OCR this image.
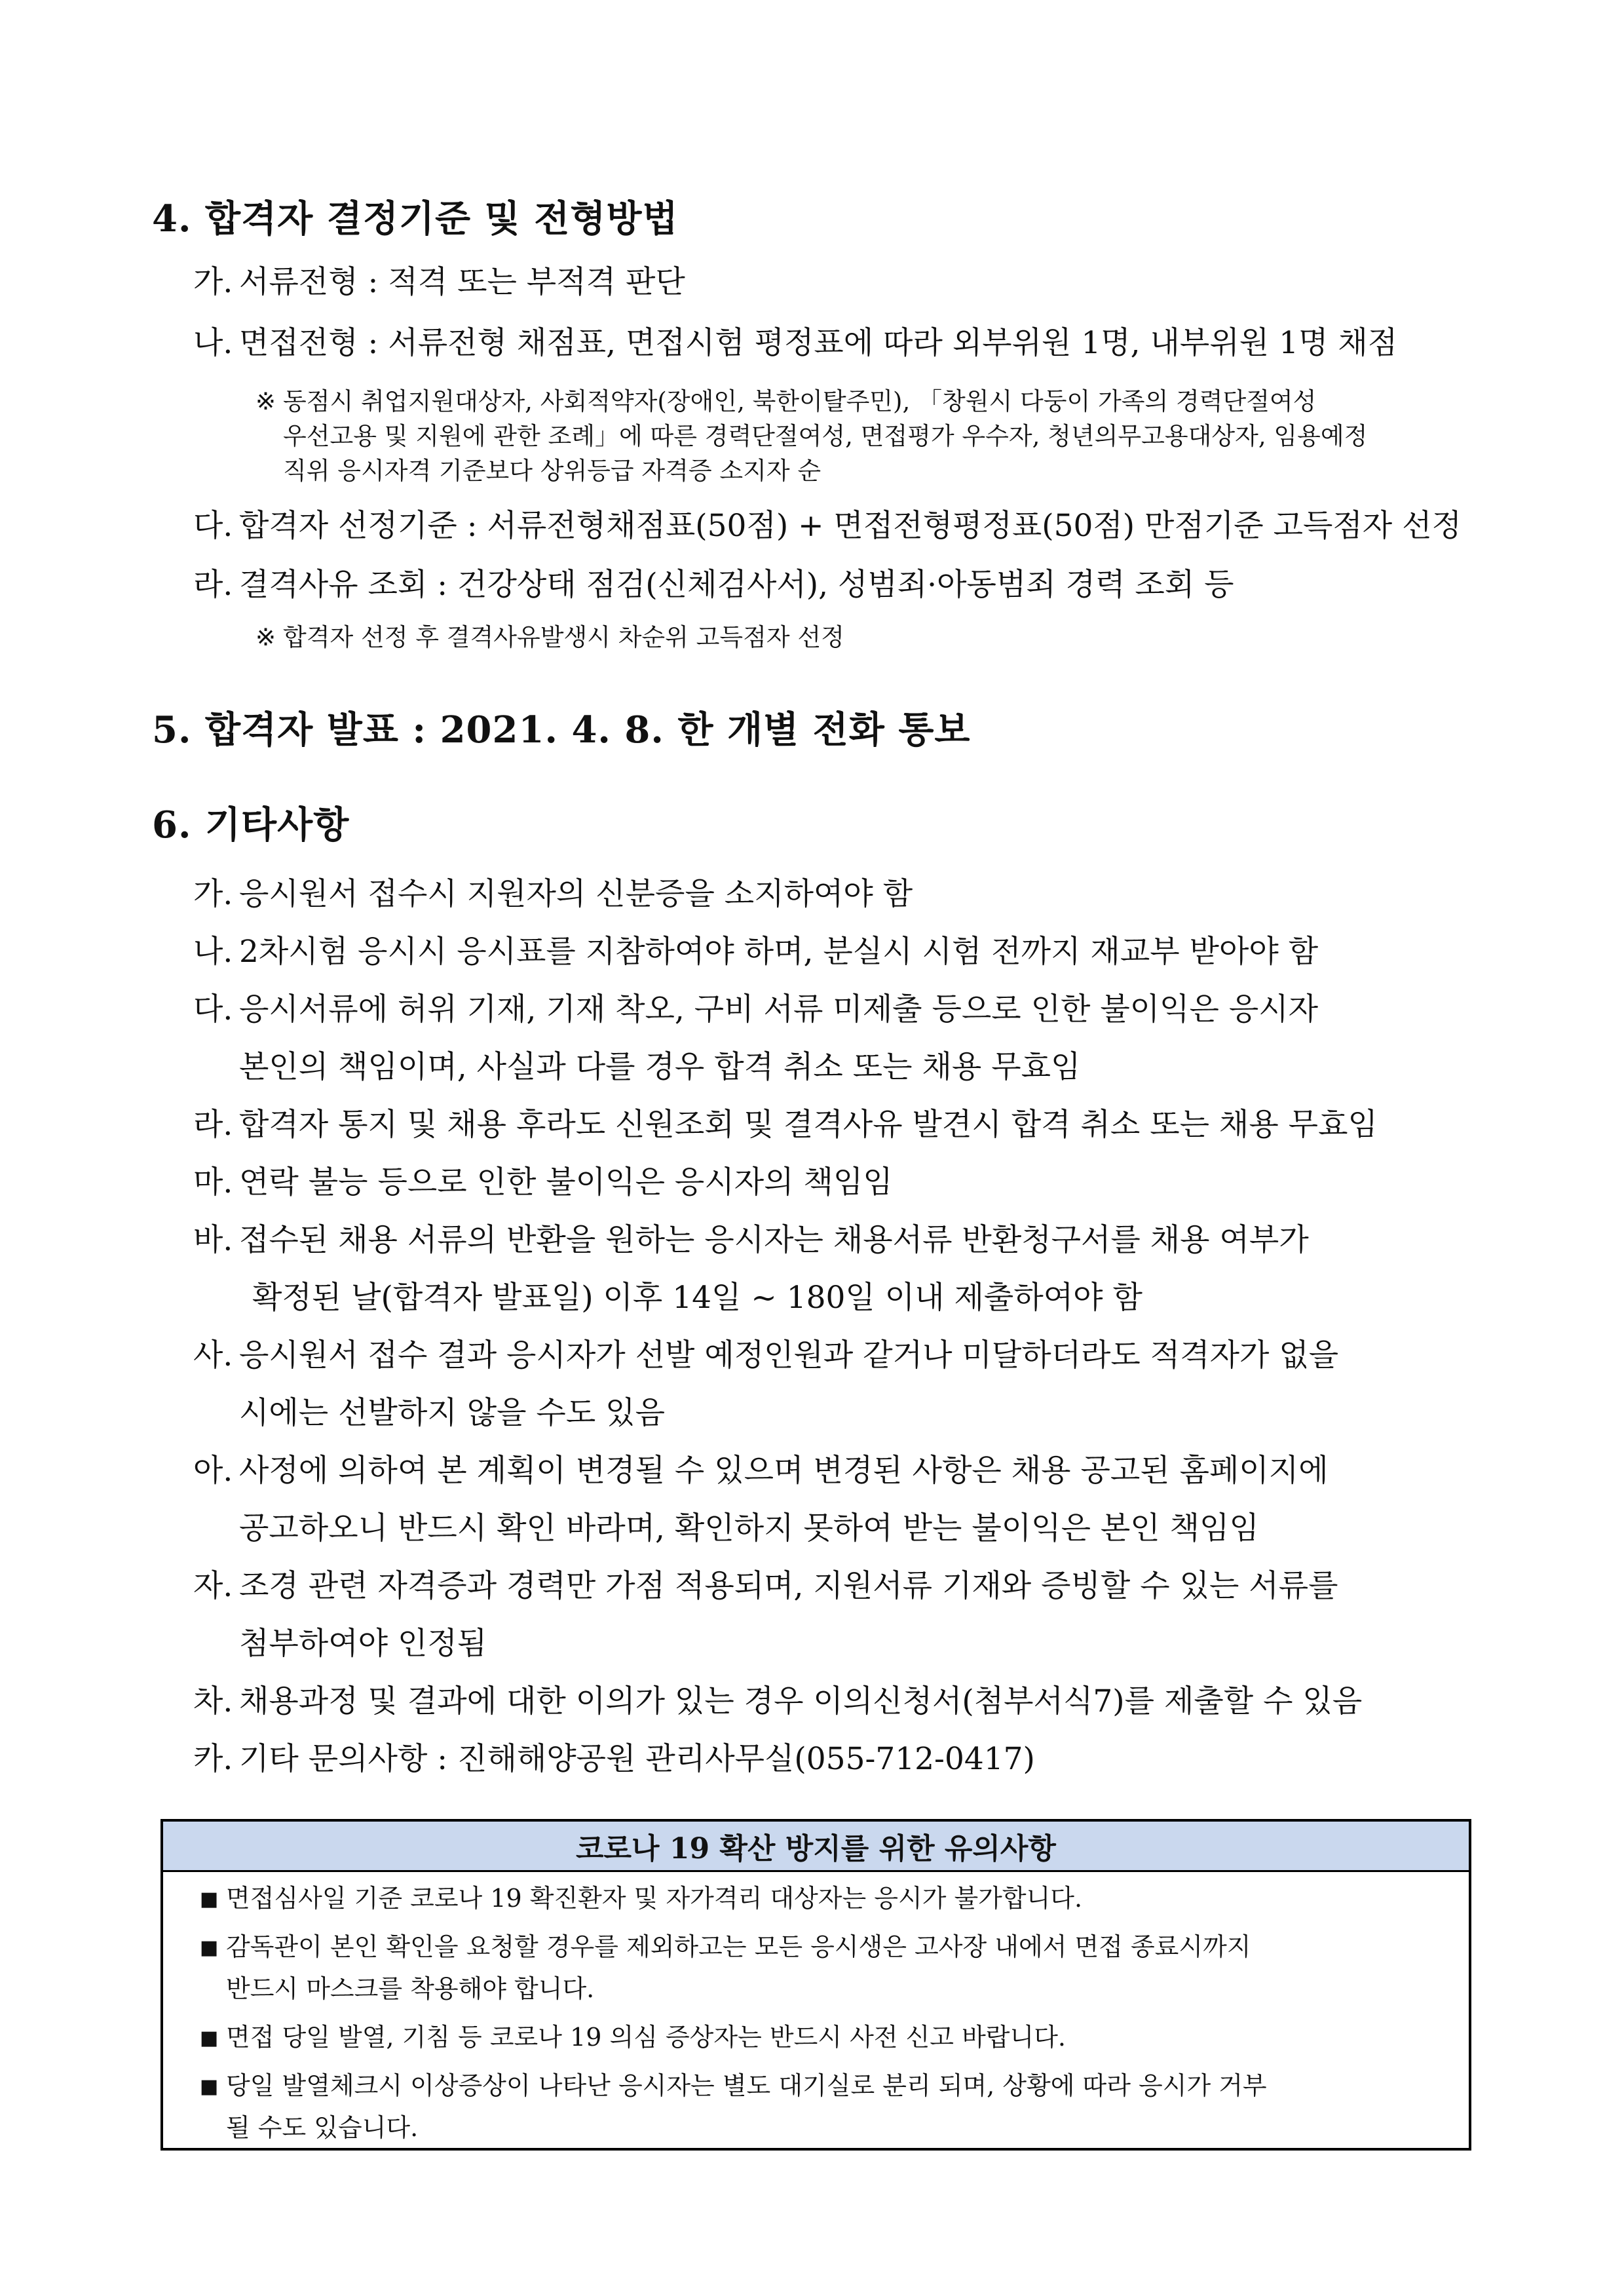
4. 합격자 결정기준 및 전형방법
가. 서류전형 : 적격 또는 부적격 판단
나. 면접전형 : 서류전형 채점표, 면접시험 평정표에 따라 외부위원 1명, 내부위원 1명 채점
※ 동점시 취업지원대상자, 사회적약자(장애인, 북한이탈주민), 「창원시 다둥이 가족의 경력단절여성
우선고용 및 지원에 관한 조례」에 따른 경력단절여성, 면접평가 우수자, 청년의무고용대상자, 임용예정
직위 응시자격 기준보다 상위등급 자격증 소지자 순
다. 합격자 선정기준 : 서류전형채점표(50점) + 면접전형평정표(50점) 만점기준 고득점자 선정
라. 결격사유 조회 : 건강상태 점검(신체검사서), 성범죄·아동범죄 경력 조회 등
※ 합격자 선정 후 결격사유발생시 차순위 고득점자 선정
5. 합격자 발표 : 2021. 4. 8. 한 개별 전화 통보
6. 기타사항
가. 응시원서 접수시 지원자의 신분증을 소지하여야 함
나. 2차시험 응시시 응시표를 지참하여야 하며, 분실시 시험 전까지 재교부 받아야 함
다. 응시서류에 허위 기재, 기재 착오, 구비 서류 미제출 등으로 인한 불이익은 응시자
본인의 책임이며, 사실과 다를 경우 합격 취소 또는 채용 무효임
라. 합격자 통지 및 채용 후라도 신원조회 및 결격사유 발견시 합격 취소 또는 채용 무효임
마. 연락 불능 등으로 인한 불이익은 응시자의 책임임
바. 접수된 채용 서류의 반환을 원하는 응시자는 채용서류 반환청구서를 채용 여부가
확정된 날(합격자 발표일) 이후 14일 ~ 180일 이내 제출하여야 함
사. 응시원서 접수 결과 응시자가 선발 예정인원과 같거나 미달하더라도 적격자가 없을
시에는 선발하지 않을 수도 있음
아. 사정에 의하여 본 계획이 변경될 수 있으며 변경된 사항은 채용 공고된 홈페이지에
공고하오니 반드시 확인 바라며, 확인하지 못하여 받는 불이익은 본인 책임임
자. 조경 관련 자격증과 경력만 가점 적용되며, 지원서류 기재와 증빙할 수 있는 서류를
첨부하여야 인정됨
차. 채용과정 및 결과에 대한 이의가 있는 경우 이의신청서(첨부서식7)를 제출할 수 있음
카. 기타 문의사항 : 진해해양공원 관리사무실(055-712-0417)
코로나 19 확산 방지를 위한 유의사항
■ 면접심사일 기준 코로나 19 확진환자 및 자가격리 대상자는 응시가 불가합니다.
■ 감독관이 본인 확인을 요청할 경우를 제외하고는 모든 응시생은 고사장 내에서 면접 종료시까지
반드시 마스크를 착용해야 합니다.
■ 면접 당일 발열, 기침 등 코로나 19 의심 증상자는 반드시 사전 신고 바랍니다.
■ 당일 발열체크시 이상증상이 나타난 응시자는 별도 대기실로 분리 되며, 상황에 따라 응시가 거부
될 수도 있습니다.
